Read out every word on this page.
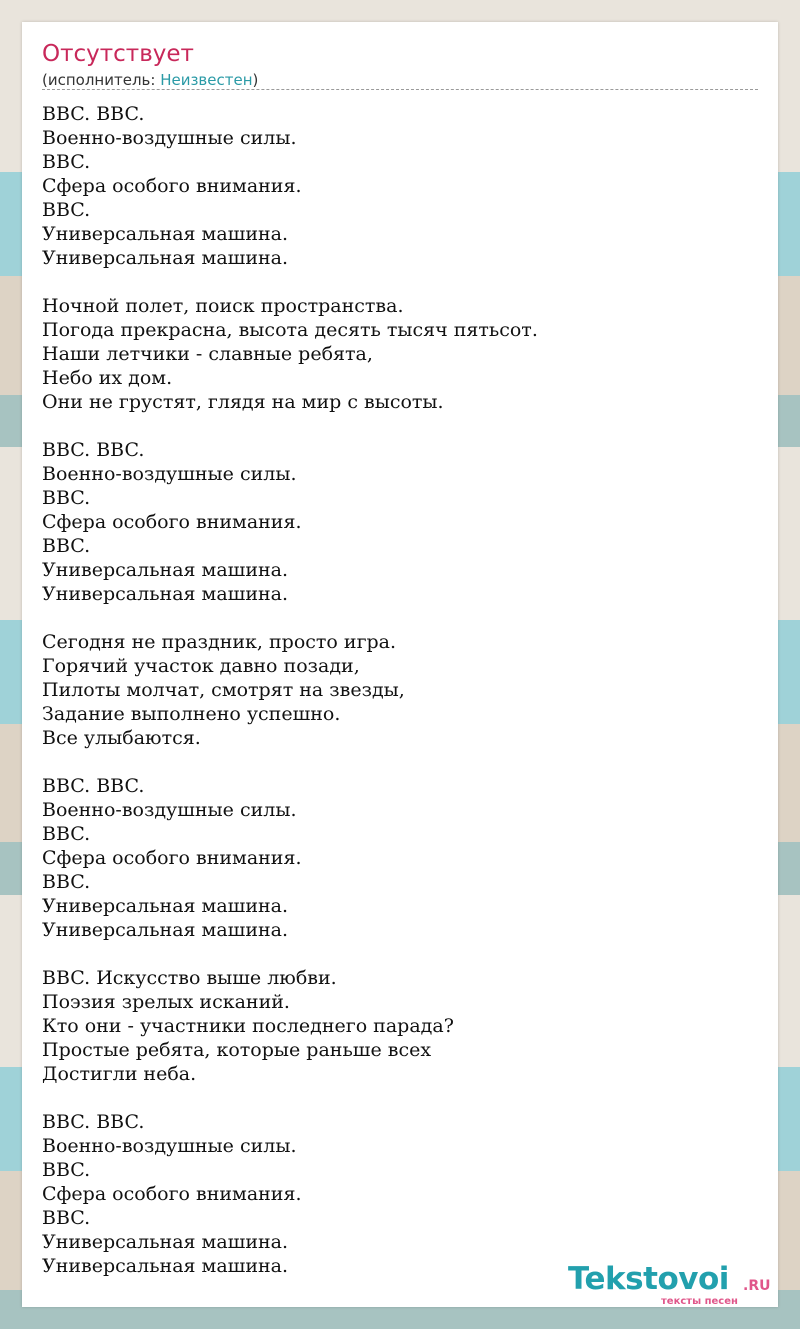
Отсутствует
(исполнитель: Неизвестен)
BBC. BBC.
Военно-воздушные силы.
BBC.
Сфера особого внимания.
BBC.
Универсальная машина.
Универсальная машина.
Ночной полет, поиск пространства.
Погода прекрасна, высота десять тысяч пятьсот.
Наши летчики - славные ребята,
Небо их дом.
Они не грустят, глядя на мир с высоты.
BBC. BBC.
Военно-воздушные силы.
BBC.
Сфера особого внимания.
BBC.
Универсальная машина.
Универсальная машина.
Сегодня не праздник, просто игра.
Горячий участок давно позади,
Пилоты молчат, смотрят на звезды,
Задание выполнено успешно.
Все улыбаются.
BBC. BBC.
Военно-воздушные силы.
BBC.
Сфера особого внимания.
BBC.
Универсальная машина.
Универсальная машина.
BBC. Искусство выше любви.
Поэзия зрелых исканий.
Кто они - участники последнего парада?
Простые ребята, которые раньше всех
Достигли неба.
BBC. BBC.
Военно-воздушные силы.
BBC.
Сфера особого внимания.
BBC.
Универсальная машина.
Универсальная машина.	Tekstovoi .RU
тексты песен
